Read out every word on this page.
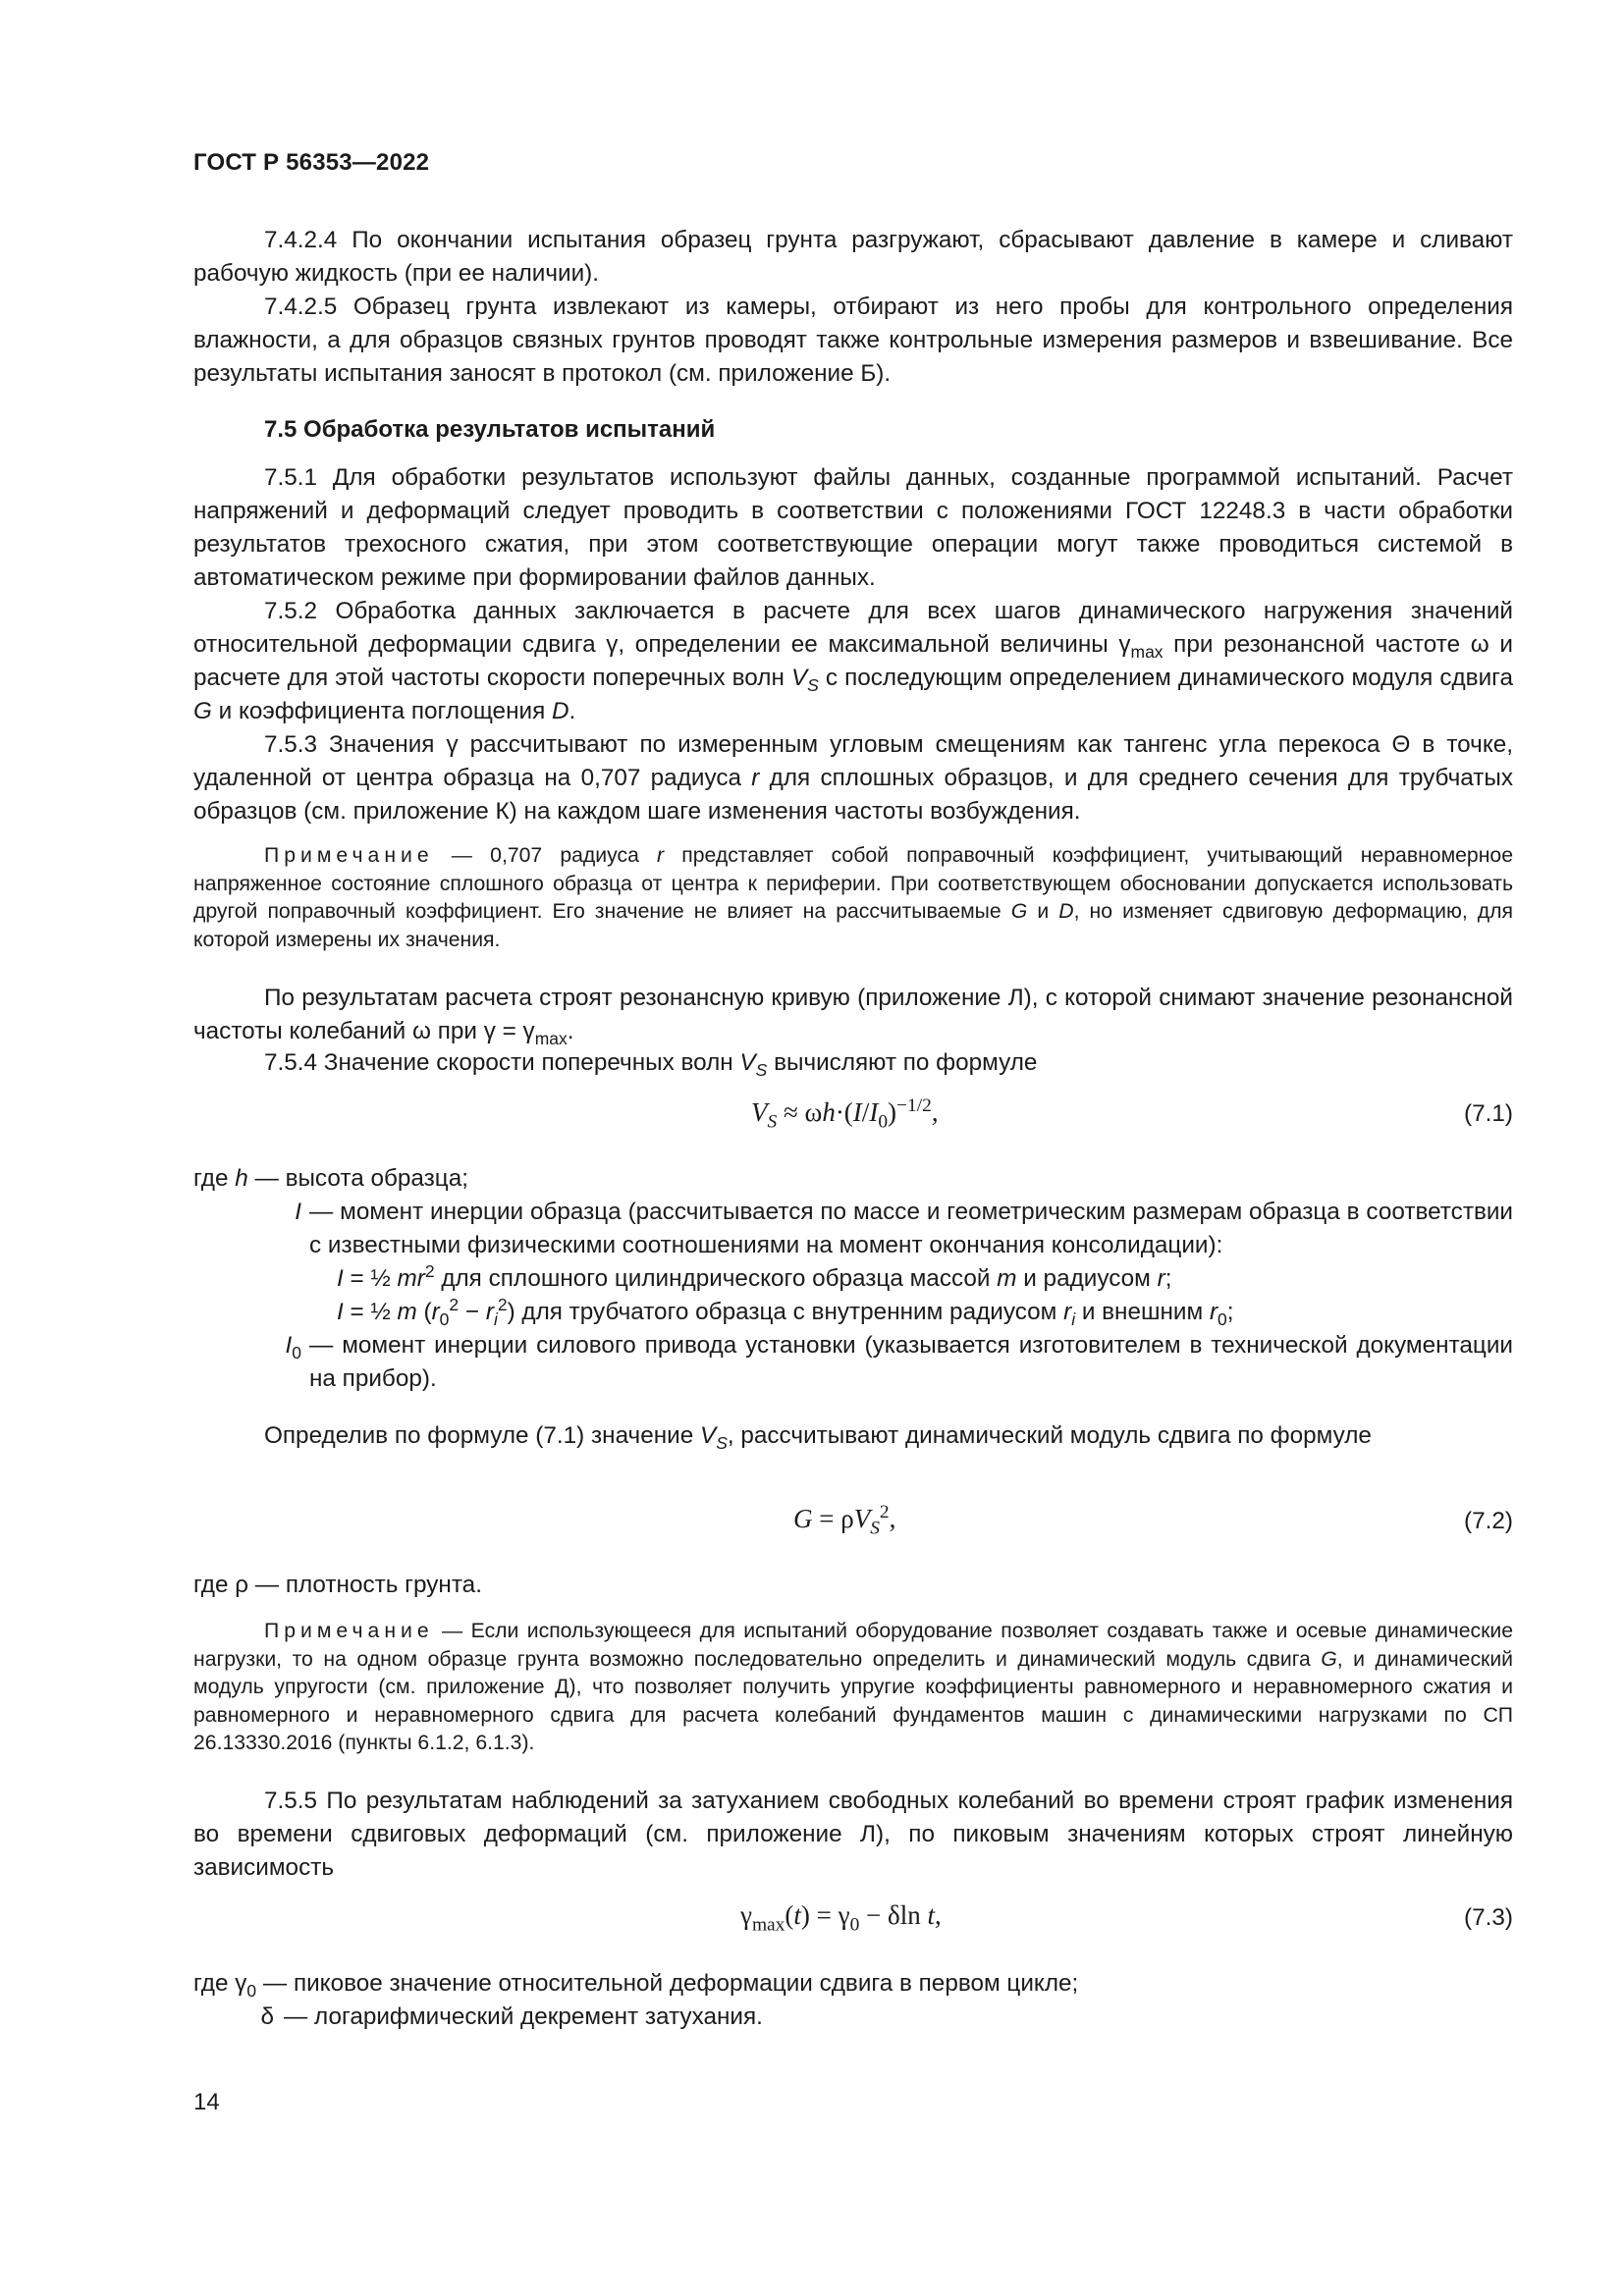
ГОСТ Р 56353—2022

7.4.2.4 По окончании испытания образец грунта разгружают, сбрасывают давление в камере и сливают рабочую жидкость (при ее наличии).

7.4.2.5 Образец грунта извлекают из камеры, отбирают из него пробы для контрольного определения влажности, а для образцов связных грунтов проводят также контрольные измерения размеров и взвешивание. Все результаты испытания заносят в протокол (см. приложение Б).

7.5 Обработка результатов испытаний

7.5.1 Для обработки результатов используют файлы данных, созданные программой испытаний. Расчет напряжений и деформаций следует проводить в соответствии с положениями ГОСТ 12248.3 в части обработки результатов трехосного сжатия, при этом соответствующие операции могут также проводиться системой в автоматическом режиме при формировании файлов данных.

7.5.2 Обработка данных заключается в расчете для всех шагов динамического нагружения значений относительной деформации сдвига γ, определении ее максимальной величины $\gamma_{max}$ при резонансной частоте ω и расчете для этой частоты скорости поперечных волн $V_S$ с последующим определением динамического модуля сдвига G и коэффициента поглощения D.

7.5.3 Значения γ рассчитывают по измеренным угловым смещениям как тангенс угла перекоса Θ в точке, удаленной от центра образца на 0,707 радиуса r для сплошных образцов, и для среднего сечения для трубчатых образцов (см. приложение К) на каждом шаге изменения частоты возбуждения.

Примечание — 0,707 радиуса r представляет собой поправочный коэффициент, учитывающий неравномерное напряженное состояние сплошного образца от центра к периферии. При соответствующем обосновании допускается использовать другой поправочный коэффициент. Его значение не влияет на рассчитываемые G и D, но изменяет сдвиговую деформацию, для которой измерены их значения.

По результатам расчета строят резонансную кривую (приложение Л), с которой снимают значение резонансной частоты колебаний ω при $\gamma = \gamma_{max}$.

7.5.4 Значение скорости поперечных волн $V_S$ вычисляют по формуле

$V_S \approx \omega h\cdot(I/I_0)^{-1/2}$,	(7.1)
где h — высота образца;
I — момент инерции образца (рассчитывается по массе и геометрическим размерам образца в соответствии с известными физическими соотношениями на момент окончания консолидации):
I = ½ $mr^2$ для сплошного цилиндрического образца массой m и радиусом r;
I = ½ m $(r_0^2 - r_i^2)$ для трубчатого образца с внутренним радиусом $r_i$ и внешним $r_0$;
$I_0$ — момент инерции силового привода установки (указывается изготовителем в технической документации на прибор).

Определив по формуле (7.1) значение $V_S$, рассчитывают динамический модуль сдвига по формуле

$G = \rho V_S^2$,	(7.2)
где ρ — плотность грунта.

Примечание — Если использующееся для испытаний оборудование позволяет создавать также и осевые динамические нагрузки, то на одном образце грунта возможно последовательно определить и динамический модуль сдвига G, и динамический модуль упругости (см. приложение Д), что позволяет получить упругие коэффициенты равномерного и неравномерного сжатия и равномерного и неравномерного сдвига для расчета колебаний фундаментов машин с динамическими нагрузками по СП 26.13330.2016 (пункты 6.1.2, 6.1.3).

7.5.5 По результатам наблюдений за затуханием свободных колебаний во времени строят график изменения во времени сдвиговых деформаций (см. приложение Л), по пиковым значениям которых строят линейную зависимость

$\gamma_{max}(t) = \gamma_0 - \delta\ln$ t,	(7.3)
где $\gamma_0$ — пиковое значение относительной деформации сдвига в первом цикле;
δ — логарифмический декремент затухания.
14
